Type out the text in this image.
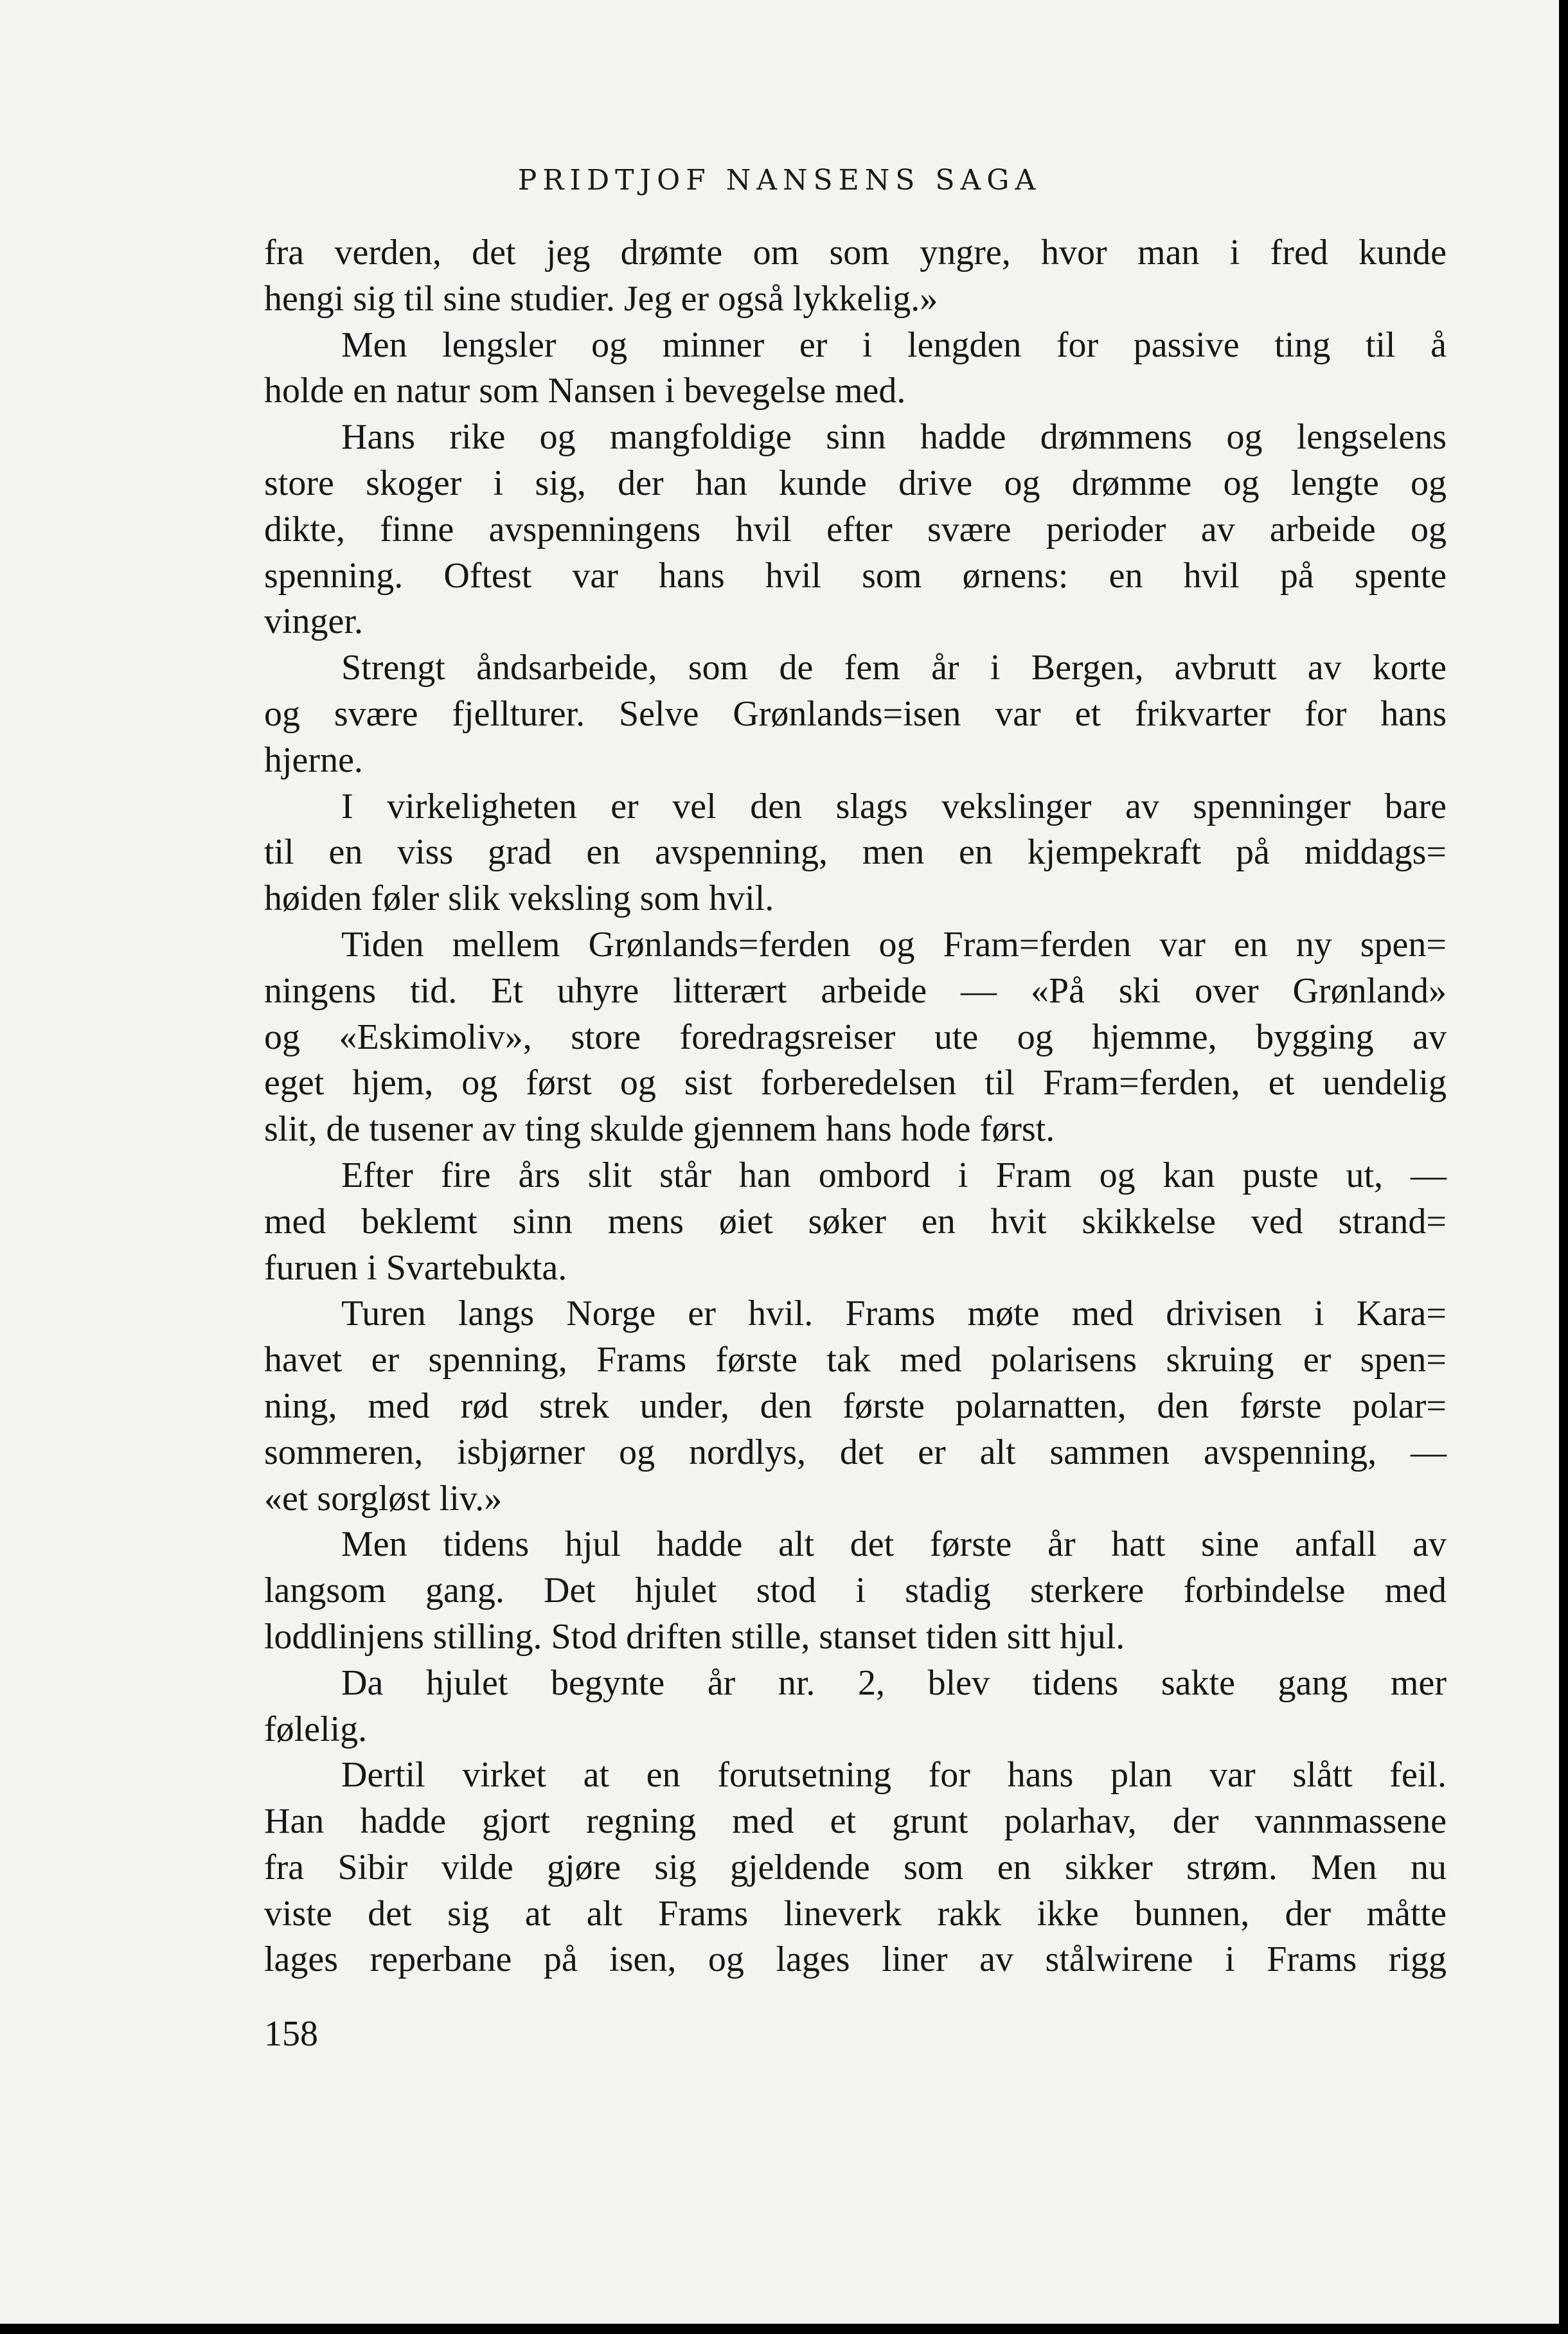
PRIDTJOF NANSENS SAGA
fra verden, det jeg drømte om som yngre, hvor man i fred kunde
hengi sig til sine studier. Jeg er også lykkelig.»
Men lengsler og minner er i lengden for passive ting til å
holde en natur som Nansen i bevegelse med.
Hans rike og mangfoldige sinn hadde drømmens og lengselens
store skoger i sig, der han kunde drive og drømme og lengte og
dikte, finne avspenningens hvil efter svære perioder av arbeide og
spenning. Oftest var hans hvil som ørnens: en hvil på spente
vinger.
Strengt åndsarbeide, som de fem år i Bergen, avbrutt av korte
og svære fjellturer. Selve Grønlands=isen var et frikvarter for hans
hjerne.
I virkeligheten er vel den slags vekslinger av spenninger bare
til en viss grad en avspenning, men en kjempekraft på middags=
høiden føler slik veksling som hvil.
Tiden mellem Grønlands=ferden og Fram=ferden var en ny spen=
ningens tid. Et uhyre litterært arbeide — «På ski over Grønland»
og «Eskimoliv», store foredragsreiser ute og hjemme, bygging av
eget hjem, og først og sist forberedelsen til Fram=ferden, et uendelig
slit, de tusener av ting skulde gjennem hans hode først.
Efter fire års slit står han ombord i Fram og kan puste ut, —
med beklemt sinn mens øiet søker en hvit skikkelse ved strand=
furuen i Svartebukta.
Turen langs Norge er hvil. Frams møte med drivisen i Kara=
havet er spenning, Frams første tak med polarisens skruing er spen=
ning, med rød strek under, den første polarnatten, den første polar=
sommeren, isbjørner og nordlys, det er alt sammen avspenning, —
«et sorgløst liv.»
Men tidens hjul hadde alt det første år hatt sine anfall av
langsom gang. Det hjulet stod i stadig sterkere forbindelse med
loddlinjens stilling. Stod driften stille, stanset tiden sitt hjul.
Da hjulet begynte år nr. 2, blev tidens sakte gang mer
følelig.
Dertil virket at en forutsetning for hans plan var slått feil.
Han hadde gjort regning med et grunt polarhav, der vannmassene
fra Sibir vilde gjøre sig gjeldende som en sikker strøm. Men nu
viste det sig at alt Frams lineverk rakk ikke bunnen, der måtte
lages reperbane på isen, og lages liner av stålwirene i Frams rigg
158
